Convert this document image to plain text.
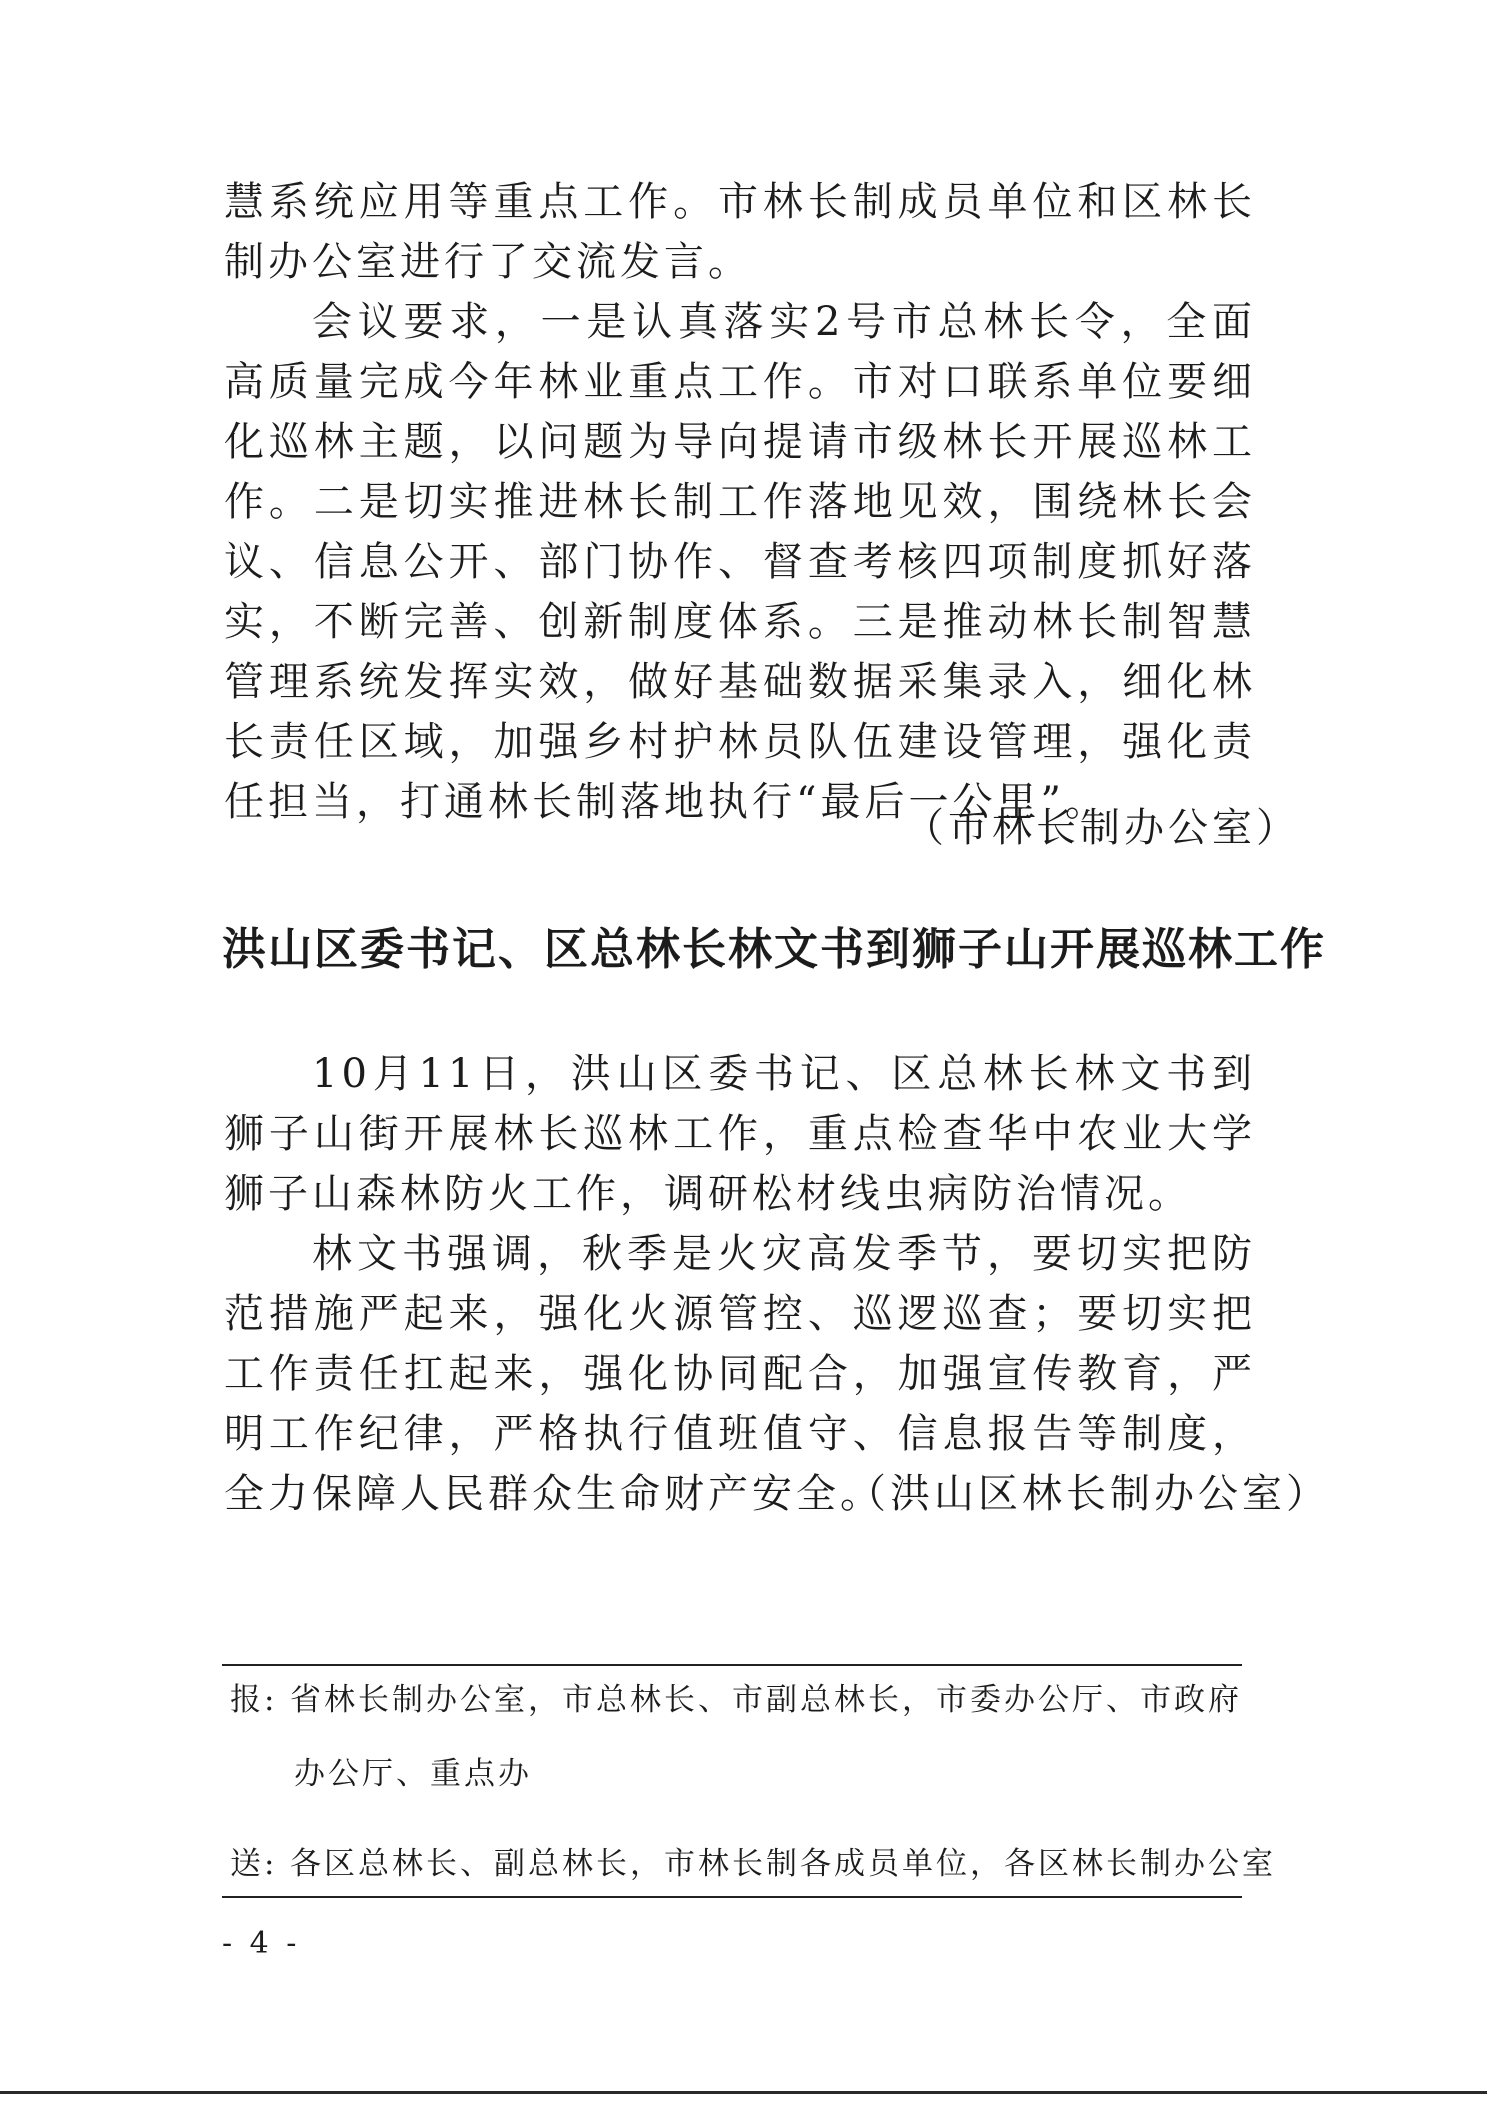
慧系统应用等重点工作。市林长制成员单位和区林长制办公室进行了交流发言。

会议要求，一是认真落实2号市总林长令，全面高质量完成今年林业重点工作。市对口联系单位要细化巡林主题，以问题为导向提请市级林长开展巡林工作。二是切实推进林长制工作落地见效，围绕林长会议、信息公开、部门协作、督查考核四项制度抓好落实，不断完善、创新制度体系。三是推动林长制智慧管理系统发挥实效，做好基础数据采集录入，细化林长责任区域，加强乡村护林员队伍建设管理，强化责任担当，打通林长制落地执行“最后一公里”。

（市林长制办公室）
洪山区委书记、区总林长林文书到狮子山开展巡林工作

10月11日，洪山区委书记、区总林长林文书到狮子山街开展林长巡林工作，重点检查华中农业大学狮子山森林防火工作，调研松材线虫病防治情况。

林文书强调，秋季是火灾高发季节，要切实把防范措施严起来，强化火源管控、巡逻巡查；要切实把工作责任扛起来，强化协同配合，加强宣传教育，严明工作纪律，严格执行值班值守、信息报告等制度，全力保障人民群众生命财产安全。

（洪山区林长制办公室）
报: 省林长制办公室，市总林长、市副总林长，市委办公厅、市政府
办公厅、重点办
送: 各区总林长、副总林长，市林长制各成员单位，各区林长制办公室
- 4 -
